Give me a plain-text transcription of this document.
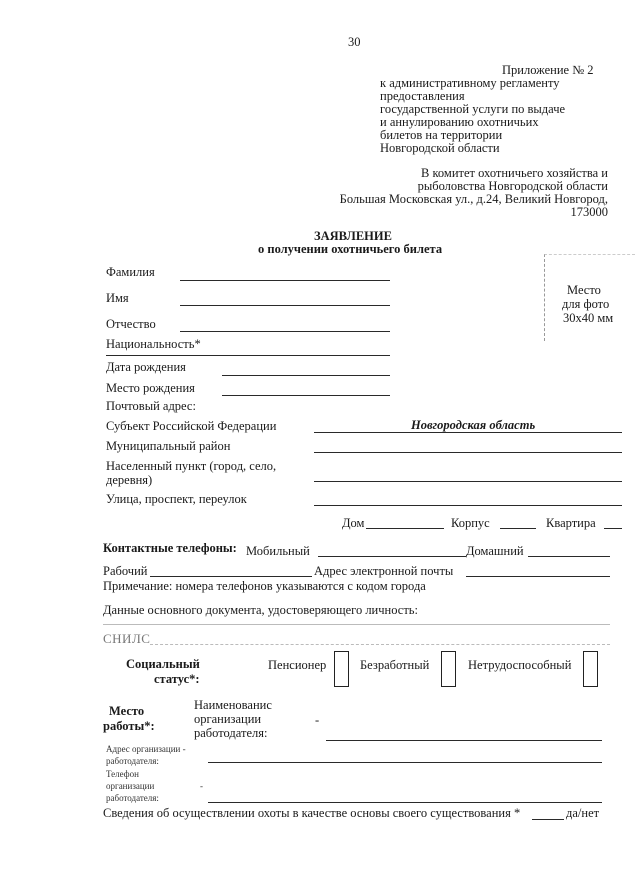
30
Приложение № 2
к административному регламенту
предоставления
государственной услуги по выдаче
и аннулированию охотничьих
билетов на территории
Новгородской области
В комитет охотничьего хозяйства и
рыболовства Новгородской области
Большая Московская ул., д.24, Великий Новгород,
173000
ЗАЯВЛЕНИЕ
о получении охотничьего билета
Место
для фото
30х40 мм
Фамилия
Имя
Отчество
Национальность*
Дата рождения
Место рождения
Почтовый адрес:
Субъект Российской Федерации	Новгородская область
Муниципальный район
Населенный пункт (город, село,
деревня)
Улица, проспект, переулок
Дом	Корпус	Квартира
Контактные телефоны: Мобильный	Домашний
Рабочий	Адрес электронной почты
Примечание: номера телефонов указываются с кодом города
Данные основного документа, удостоверяющего личность:
СНИЛС
Социальный
статус*:
Пенсионер	Безработный	Нетрудоспособный
Место
работы*:
Наименованис
организации
работодателя:
-
Адрес организации -
работодателя:
Телефон
организации
работодателя:
-
Сведения об осуществлении охоты в качестве основы своего существования *	да/нет
